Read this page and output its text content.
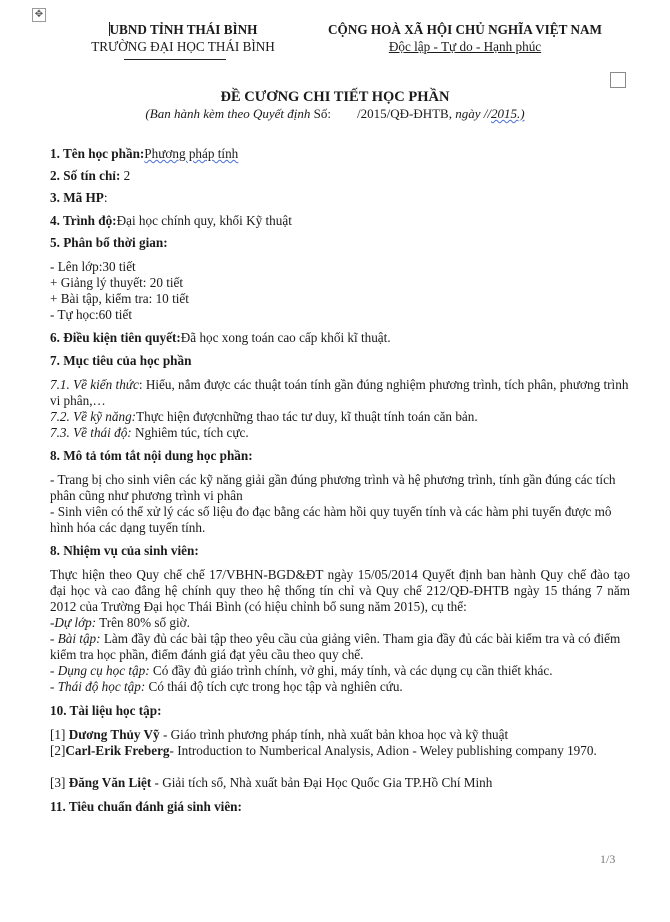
✥
UBND TỈNH THÁI BÌNH
TRƯỜNG ĐẠI HỌC THÁI BÌNH
CỘNG HOÀ XÃ HỘI CHỦ NGHĨA VIỆT NAM
Độc lập - Tự do - Hạnh phúc
ĐỀ CƯƠNG CHI TIẾT HỌC PHẦN
(Ban hành kèm theo Quyết định Số:        /2015/QĐ-ĐHTB, ngày //2015.)
1. Tên học phần:Phương pháp tính
2. Số tín chỉ: 2
3. Mã HP:
4. Trình độ:Đại học chính quy, khối Kỹ thuật
5. Phân bổ thời gian:
- Lên lớp:30 tiết
+ Giảng lý thuyết: 20 tiết
+ Bài tập, kiểm tra: 10 tiết
- Tự học:60 tiết
6. Điều kiện tiên quyết:Đã học xong toán cao cấp khối kĩ thuật.
7. Mục tiêu của học phần
7.1. Về kiến thức: Hiểu, nắm được các thuật toán tính gần đúng nghiệm phương trình, tích phân, phương trình vi phân,…
7.2. Về kỹ năng:Thực hiện đượcnhững thao tác tư duy, kĩ thuật tính toán căn bản.
7.3. Về thái độ: Nghiêm túc, tích cực.
8. Mô tả tóm tắt nội dung học phần:
- Trang bị cho sinh viên các kỹ năng giải gần đúng phương trình và hệ phương trình, tính gần đúng các tích phân cũng như phương trình vi phân
- Sinh viên có thể xử lý các số liệu đo đạc bằng các hàm hồi quy tuyến tính và các hàm phi tuyến được mô hình hóa các dạng tuyến tính.
8. Nhiệm vụ của sinh viên:
Thực hiện theo Quy chế chế 17/VBHN-BGD&ĐT ngày 15/05/2014 Quyết định ban hành Quy chế đào tạo đại học và cao đẳng hệ chính quy theo hệ thống tín chỉ và Quy chế 212/QĐ-ĐHTB ngày 15 tháng 7 năm 2012 của Trường Đại học Thái Bình (có hiệu chỉnh bổ sung năm 2015), cụ thể:
-Dự lớp: Trên 80% số giờ.
- Bài tập: Làm đầy đủ các bài tập theo yêu cầu của giảng viên. Tham gia đầy đủ các bài kiểm tra và có điểm kiểm tra học phần, điểm đánh giá đạt yêu cầu theo quy chế.
- Dụng cụ học tập: Có đầy đủ giáo trình chính, vở ghi, máy tính, và các dụng cụ cần thiết khác.
- Thái độ học tập: Có thái độ tích cực trong học tập và nghiên cứu.
10. Tài liệu học tập:
[1] Dương Thủy Vỹ - Giáo trình phương pháp tính, nhà xuất bản khoa học và kỹ thuật
[2]Carl-Erik Freberg- Introduction to Numberical Analysis, Adion - Weley publishing company 1970.
[3] Đăng Văn Liệt - Giải tích số, Nhà xuất bản Đại Học Quốc Gia TP.Hồ Chí Minh
11. Tiêu chuẩn đánh giá sinh viên:
1/3
